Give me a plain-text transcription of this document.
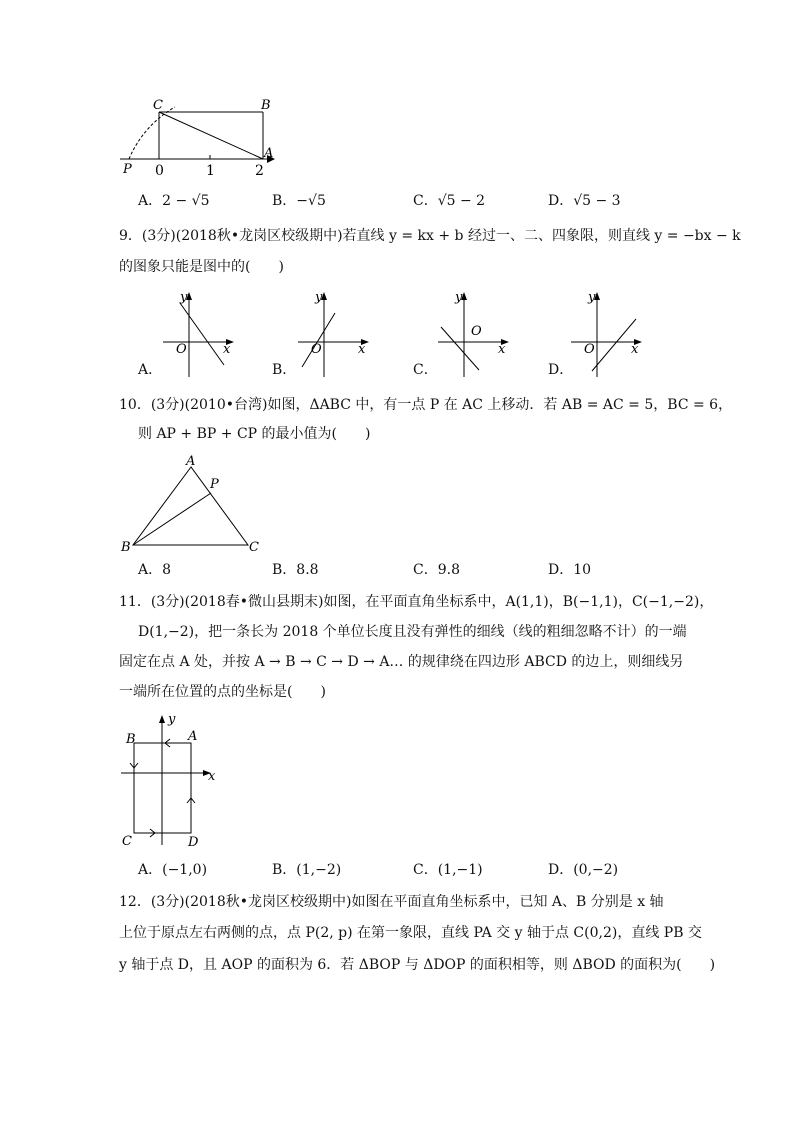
C	B
A
P 0	1	2
A．2 − √5	B．−√5	C．√5 − 2	D．√5 − 3
9．(3分)(2018秋•龙岗区校级期中)若直线 y = kx + b 经过一、二、四象限，则直线 y = −bx − k
的图象只能是图中的(　　)
y
x
O
y
x
O
y
x
O
y
x
O
A．	B．	C．	D．
10．(3分)(2010•台湾)如图，ΔABC 中，有一点 P 在 AC 上移动．若 AB = AC = 5，BC = 6，
则 AP + BP + CP 的最小值为(　　)
A
P
B	C
A．8	B．8.8	C．9.8	D．10
11．(3分)(2018春•微山县期末)如图，在平面直角坐标系中，A(1,1)，B(−1,1)，C(−1,−2)，
D(1,−2)，把一条长为 2018 个单位长度且没有弹性的细线（线的粗细忽略不计）的一端
固定在点 A 处，并按 A → B → C → D → A… 的规律绕在四边形 ABCD 的边上，则细线另
一端所在位置的点的坐标是(　　)
B	A
C	D
x
y
A．(−1,0)	B．(1,−2)	C．(1,−1)	D．(0,−2)
12．(3分)(2018秋•龙岗区校级期中)如图在平面直角坐标系中，已知 A、B 分别是 x 轴
上位于原点左右两侧的点，点 P(2, p) 在第一象限，直线 PA 交 y 轴于点 C(0,2)，直线 PB 交
y 轴于点 D，且 AOP 的面积为 6．若 ΔBOP 与 ΔDOP 的面积相等，则 ΔBOD 的面积为(　　)
